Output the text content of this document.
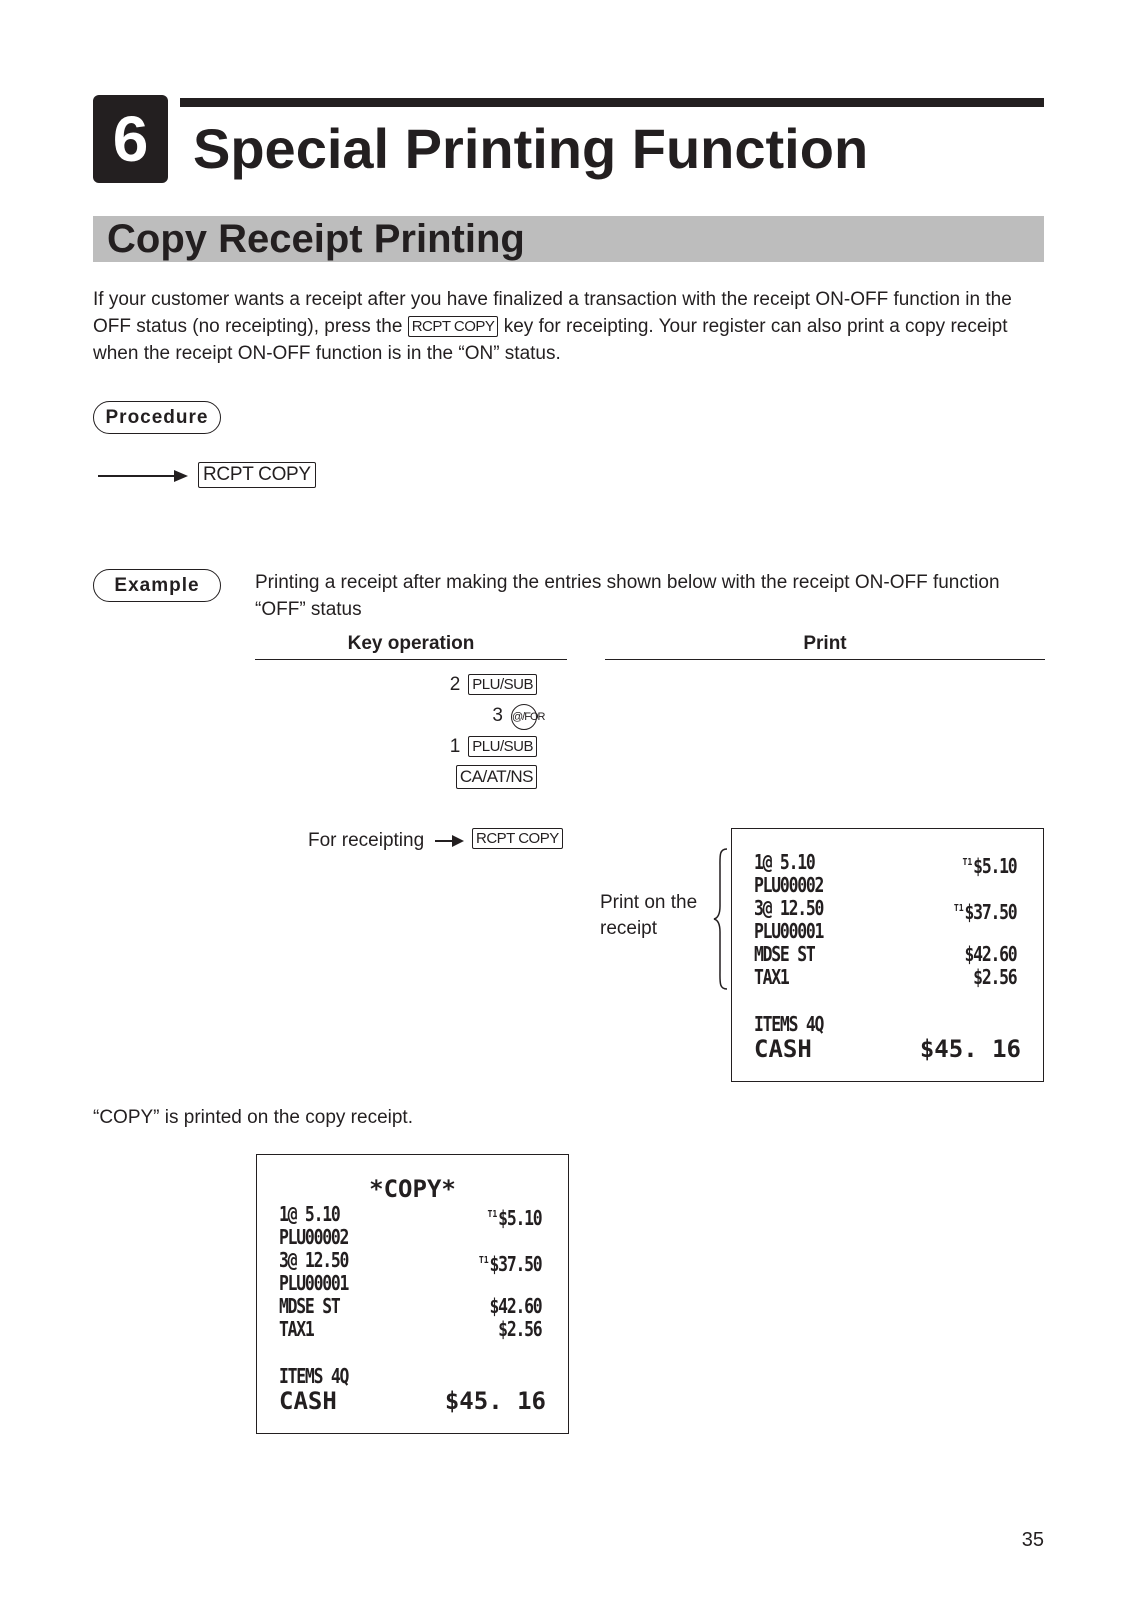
6 Special Printing Function
Copy Receipt Printing
If your customer wants a receipt after you have finalized a transaction with the receipt ON-OFF function in the OFF status (no receipting), press the RCPT COPY key for receipting. Your register can also print a copy receipt when the receipt ON-OFF function is in the “ON” status.
Procedure
RCPT COPY
Example	Printing a receipt after making the entries shown below with the receipt ON-OFF function “OFF” status
Key operation	Print
2 PLU/SUB
3 @/FOR
1 PLU/SUB
CA/AT/NS
For receipting	RCPT COPY
Print on the receipt
1@ 5.10	$^{T1}$\$5.10
PLU00002
3@ 12.50	$^{T1}$\$37.50
PLU00001
MDSE ST	$42.60
TAX1	$2.56
ITEMS 4Q
CASH	$45. 16
“COPY” is printed on the copy receipt.
*COPY*
1@ 5.10	$^{T1}$\$5.10
PLU00002
3@ 12.50	$^{T1}$\$37.50
PLU00001
MDSE ST	$42.60
TAX1	$2.56
ITEMS 4Q
CASH	$45. 16
35
